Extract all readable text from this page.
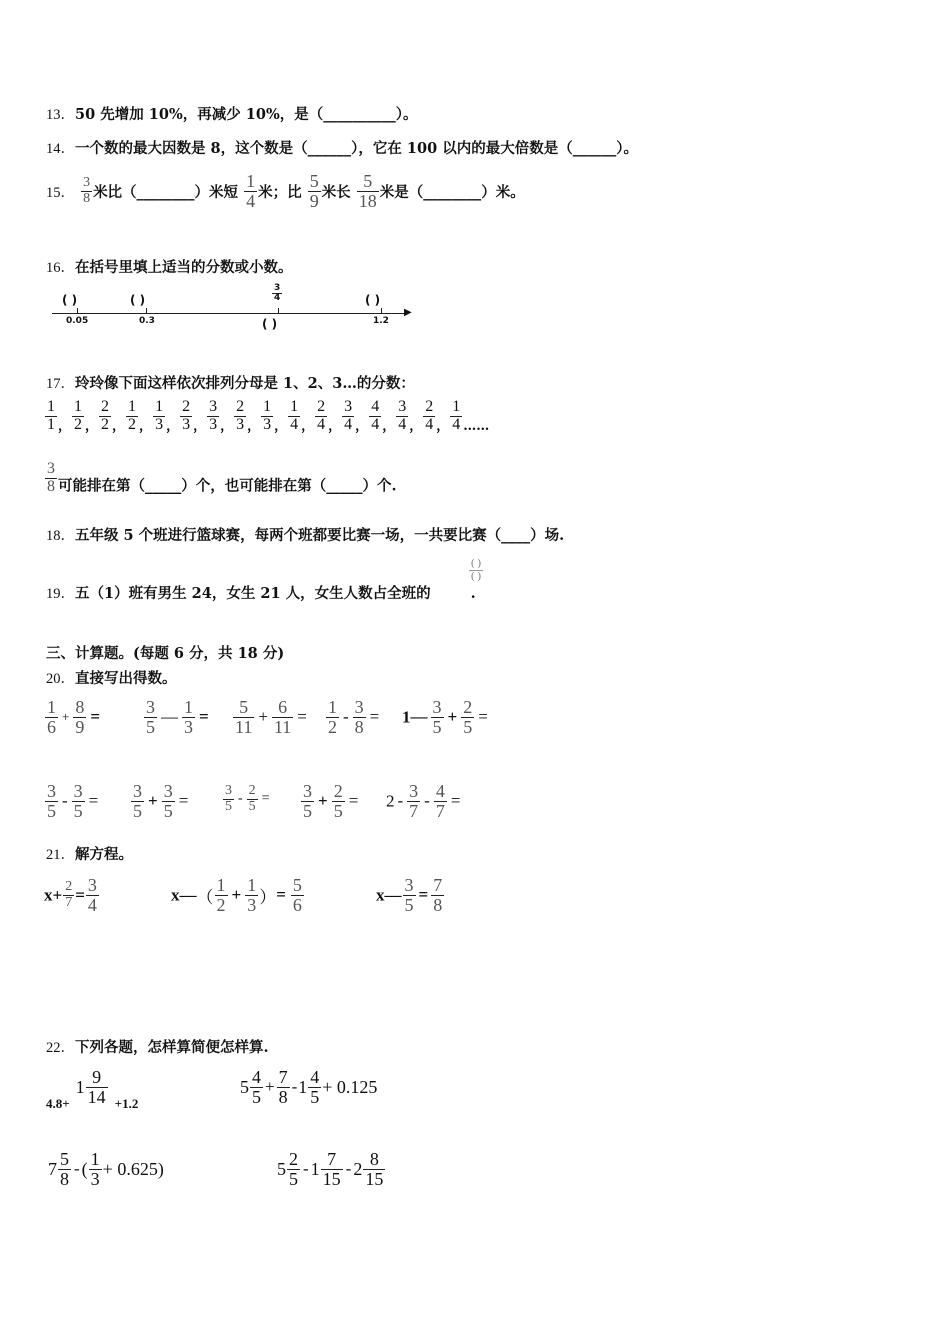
13．50 先增加 10%，再减少 10%，是（__________）。
14．一个数的最大因数是 8，这个数是（______），它在 100 以内的最大倍数是（______）。
15． $\frac{3}{8}$ 米比（________）米短 $\frac{1}{4}$ 米；比 $\frac{5}{9}$ 米长 $\frac{5}{18}$ 米是（________）米。
16．在括号里填上适当的分数或小数。
▶
( )	( )	( )
( )
$\frac{3}{4}$
0.05	0.3	1.2
17．玲玲像下面这样依次排列分母是 1、2、3…的分数：
$\frac{1}{1} _, \frac{1}{2} _, \frac{2}{2} _, \frac{1}{2} _, \frac{1}{3} _, \frac{2}{3} _, \frac{3}{3} _, \frac{2}{3} _, \frac{1}{3} _, \frac{1}{4} _, \frac{2}{4} _, \frac{3}{4} _, \frac{4}{4} _, \frac{3}{4} _, \frac{2}{4} _, \frac{1}{4} _{\dots\dots}$
$\frac{3}{8}$ 可能排在第（_____）个，也可能排在第（_____）个.
18．五年级 5 个班进行篮球赛，每两个班都要比赛一场，一共要比赛（____）场.
19．五（1）班有男生 24，女生 21 人，女生人数占全班的	.
$\frac{( )}{( )}$
三、计算题。(每题 6 分，共 18 分)
20．直接写出得数。
$\frac{1}{6} + \frac{8}{9} = \frac{3}{5}$ — $\frac{1}{3} = \frac{5}{11} + \frac{6}{11} = \frac{1}{2} - \frac{3}{8}$ = 1— $\frac{3}{5} + \frac{2}{5}$ =
$\frac{3}{5} - \frac{3}{5} = \frac{3}{5} + \frac{3}{5} = \frac{3}{5} - \frac{2}{5} = \frac{3}{5} + \frac{2}{5} = 2 - \frac{3}{7} - \frac{4}{7}$ =
21．解方程。
$x+ \frac{2}{7} = \frac{3}{4}$	x—（ $\frac{1}{2} + \frac{1}{3}$ ）= $\frac{5}{6}$	x— $\frac{3}{5} = \frac{7}{8}$
22．下列各题，怎样算简便怎样算.
$_{4.8+}1 \frac{9}{14} _{+1.2}$
$5 \frac{4}{5} + \frac{7}{8} -1 \frac{4}{5} + 0.125$
$7 \frac{5}{8}$ - ( $\frac{1}{3} + 0.625$)	$5 \frac{2}{5} - 1 \frac{7}{15} - 2 \frac{8}{15}$
